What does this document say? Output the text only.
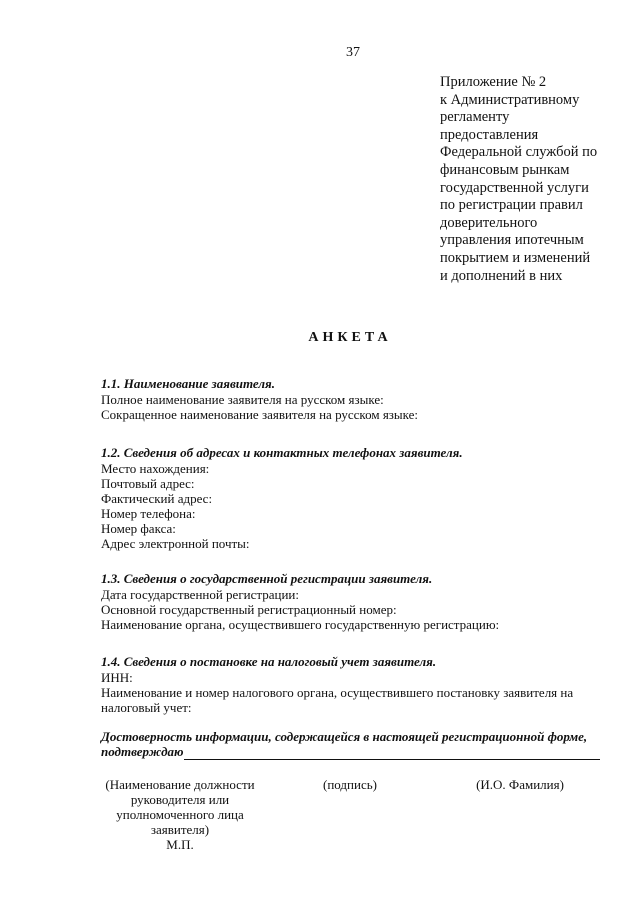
37
Приложение № 2
к Административному
регламенту
предоставления
Федеральной службой по
финансовым рынкам
государственной услуги
по регистрации правил
доверительного
управления ипотечным
покрытием и изменений
и дополнений в них
АНКЕТА
1.1. Наименование заявителя.
Полное наименование заявителя на русском языке:
Сокращенное наименование заявителя на русском языке:
1.2. Сведения об адресах и контактных телефонах заявителя.
Место нахождения:
Почтовый адрес:
Фактический адрес:
Номер телефона:
Номер факса:
Адрес электронной почты:
1.3. Сведения о государственной регистрации заявителя.
Дата государственной регистрации:
Основной государственный регистрационный номер:
Наименование органа, осуществившего государственную регистрацию:
1.4. Сведения о постановке на налоговый учет заявителя.
ИНН:
Наименование и номер налогового органа, осуществившего постановку заявителя на
налоговый учет:
Достоверность информации, содержащейся в настоящей регистрационной форме,
подтверждаю
(Наименование должности
руководителя или
уполномоченного лица
заявителя)
М.П.
(подпись)	(И.О. Фамилия)
